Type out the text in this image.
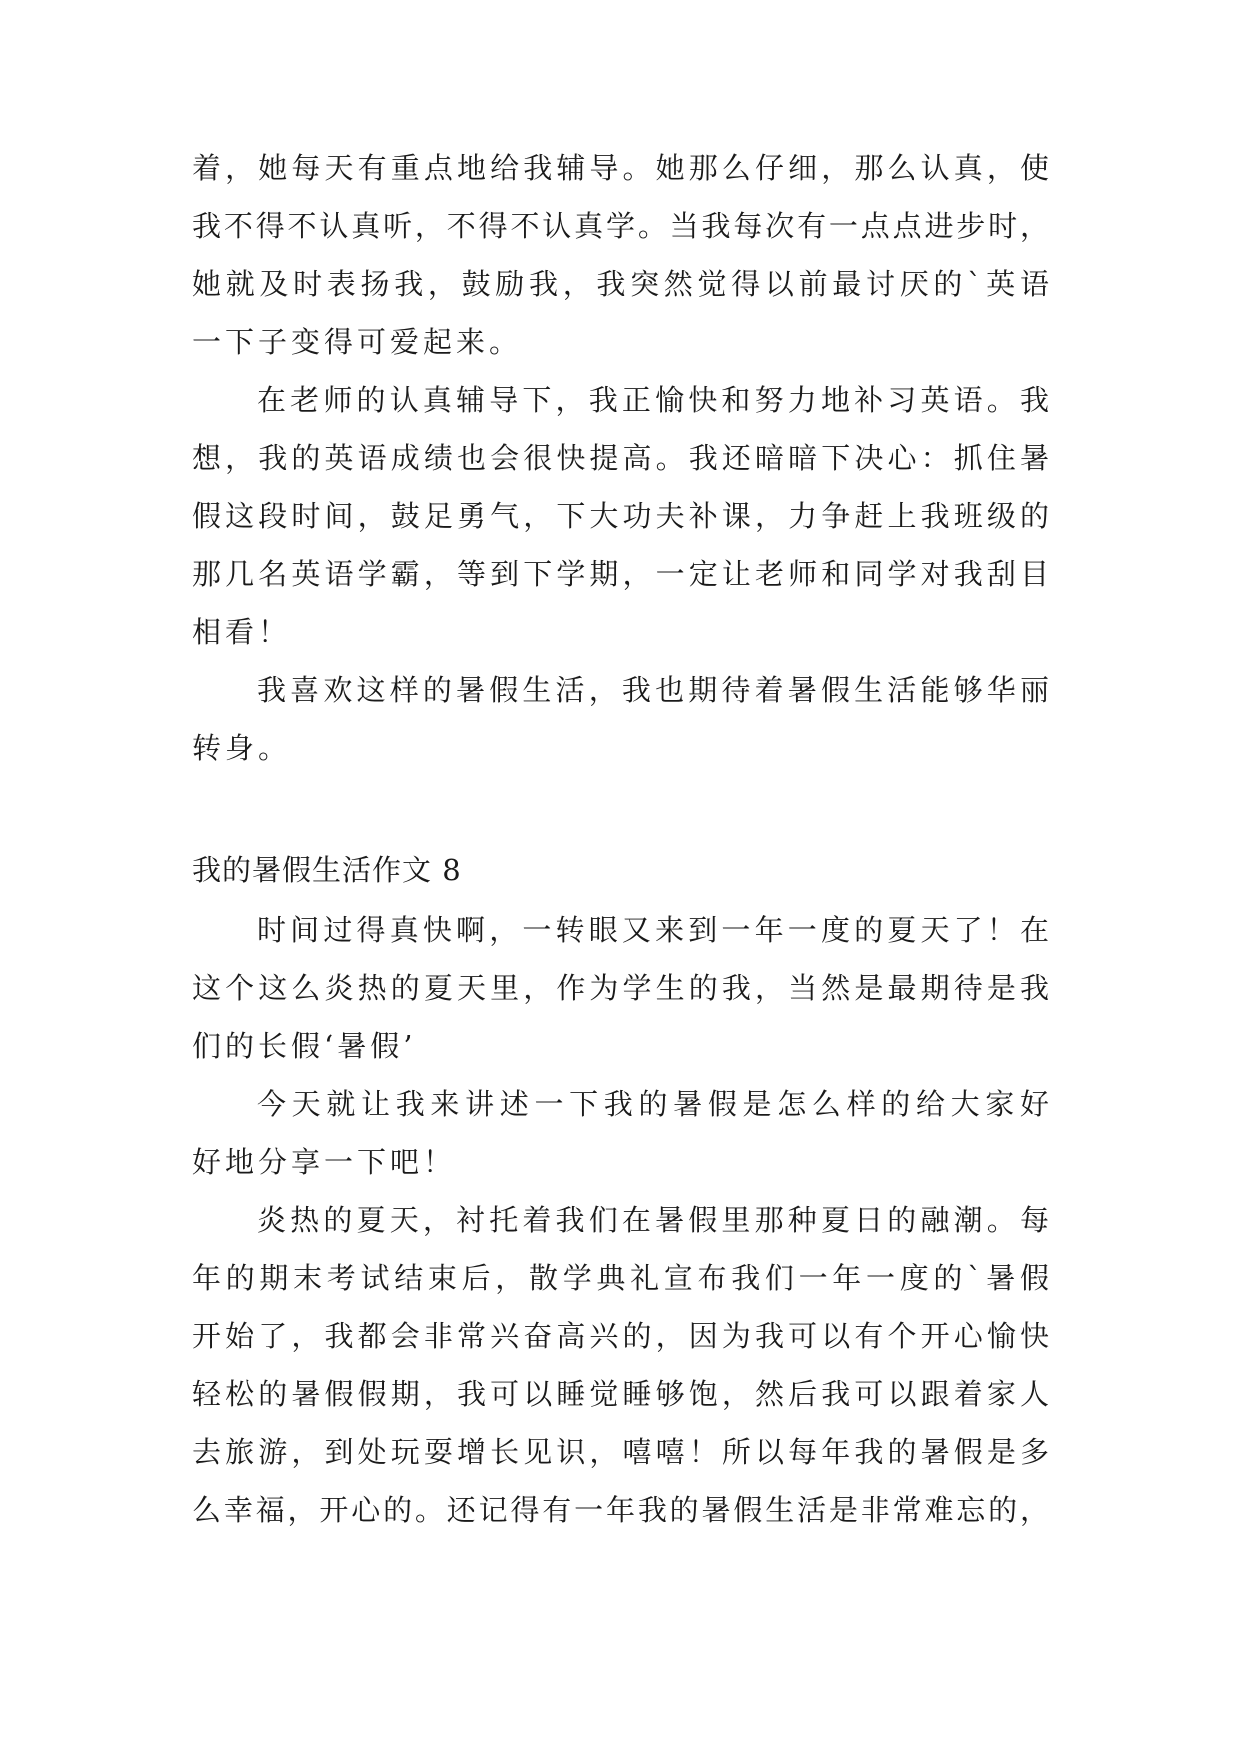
着，她每天有重点地给我辅导。她那么仔细，那么认真，使
我不得不认真听，不得不认真学。当我每次有一点点进步时，
她就及时表扬我，鼓励我，我突然觉得以前最讨厌的`英语
一下子变得可爱起来。
在老师的认真辅导下，我正愉快和努力地补习英语。我
想，我的英语成绩也会很快提高。我还暗暗下决心：抓住暑
假这段时间，鼓足勇气，下大功夫补课，力争赶上我班级的
那几名英语学霸，等到下学期，一定让老师和同学对我刮目
相看！
我喜欢这样的暑假生活，我也期待着暑假生活能够华丽
转身。
我的暑假生活作文 8
时间过得真快啊，一转眼又来到一年一度的夏天了！在
这个这么炎热的夏天里，作为学生的我，当然是最期待是我
们的长假‘暑假’
今天就让我来讲述一下我的暑假是怎么样的给大家好
好地分享一下吧！
炎热的夏天，衬托着我们在暑假里那种夏日的融潮。每
年的期末考试结束后，散学典礼宣布我们一年一度的`暑假
开始了，我都会非常兴奋高兴的，因为我可以有个开心愉快
轻松的暑假假期，我可以睡觉睡够饱，然后我可以跟着家人
去旅游，到处玩耍增长见识，嘻嘻！所以每年我的暑假是多
么幸福，开心的。还记得有一年我的暑假生活是非常难忘的，
